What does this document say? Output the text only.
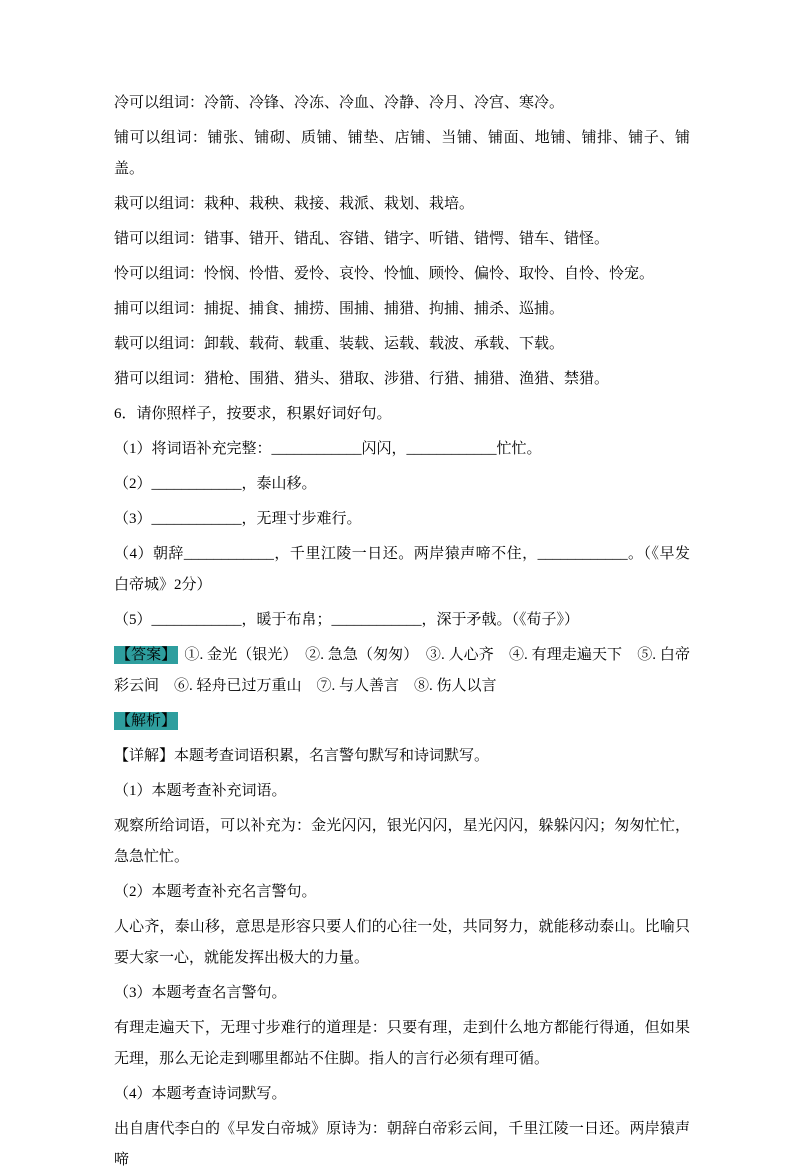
冷可以组词：冷箭、冷锋、冷冻、冷血、冷静、冷月、冷宫、寒冷。

铺可以组词：铺张、铺砌、质铺、铺垫、店铺、当铺、铺面、地铺、铺排、铺子、铺盖。

栽可以组词：栽种、栽秧、栽接、栽派、栽划、栽培。

错可以组词：错事、错开、错乱、容错、错字、听错、错愕、错车、错怪。

怜可以组词：怜悯、怜惜、爱怜、哀怜、怜恤、顾怜、偏怜、取怜、自怜、怜宠。

捕可以组词：捕捉、捕食、捕捞、围捕、捕猎、拘捕、捕杀、巡捕。

载可以组词：卸载、载荷、载重、装载、运载、载波、承载、下载。

猎可以组词：猎枪、围猎、猎头、猎取、涉猎、行猎、捕猎、渔猎、禁猎。

6．请你照样子，按要求，积累好词好句。

（1）将词语补充完整：____________闪闪，____________忙忙。

（2）____________，泰山移。

（3）____________，无理寸步难行。

（4）朝辞____________，千里江陵一日还。两岸猿声啼不住，____________。（《早发白帝城》2分）

（5）____________，暖于布帛；____________，深于矛戟。（《荀子》）

【答案】 ①. 金光（银光）　②. 急急（匆匆）　③. 人心齐　④. 有理走遍天下　⑤. 白帝彩云间　⑥. 轻舟已过万重山　⑦. 与人善言　⑧. 伤人以言

【解析】

【详解】本题考查词语积累，名言警句默写和诗词默写。

（1）本题考查补充词语。

观察所给词语，可以补充为：金光闪闪，银光闪闪，星光闪闪，躲躲闪闪；匆匆忙忙，急急忙忙。

（2）本题考查补充名言警句。

人心齐，泰山移，意思是形容只要人们的心往一处，共同努力，就能移动泰山。比喻只要大家一心，就能发挥出极大的力量。

（3）本题考查名言警句。

有理走遍天下，无理寸步难行的道理是：只要有理，走到什么地方都能行得通，但如果无理，那么无论走到哪里都站不住脚。指人的言行必须有理可循。

（4）本题考查诗词默写。

出自唐代李白的《早发白帝城》原诗为：朝辞白帝彩云间，千里江陵一日还。两岸猿声啼
